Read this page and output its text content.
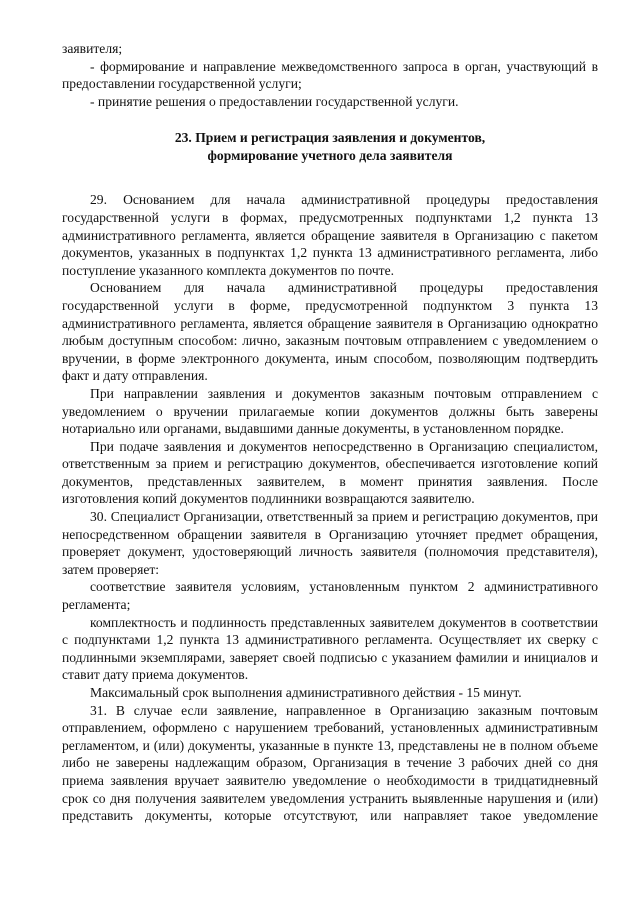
заявителя;

- формирование и направление межведомственного запроса в орган, участвующий в предоставлении государственной услуги;

- принятие решения о предоставлении государственной услуги.

23. Прием и регистрация заявления и документов,
формирование учетного дела заявителя

29. Основанием для начала административной процедуры предоставления государственной услуги в формах, предусмотренных подпунктами 1,2 пункта 13 административного регламента, является обращение заявителя в Организацию с пакетом документов, указанных в подпунктах 1,2 пункта 13 административного регламента, либо поступление указанного комплекта документов по почте.

Основанием для начала административной процедуры предоставления государственной услуги в форме, предусмотренной подпунктом 3 пункта 13 административного регламента, является обращение заявителя в Организацию однократно любым доступным способом: лично, заказным почтовым отправлением с уведомлением о вручении, в форме электронного документа, иным способом, позволяющим подтвердить факт и дату отправления.

При направлении заявления и документов заказным почтовым отправлением с уведомлением о вручении прилагаемые копии документов должны быть заверены нотариально или органами, выдавшими данные документы, в установленном порядке.

При подаче заявления и документов непосредственно в Организацию специалистом, ответственным за прием и регистрацию документов, обеспечивается изготовление копий документов, представленных заявителем, в момент принятия заявления. После изготовления копий документов подлинники возвращаются заявителю.

30. Специалист Организации, ответственный за прием и регистрацию документов, при непосредственном обращении заявителя в Организацию уточняет предмет обращения, проверяет документ, удостоверяющий личность заявителя (полномочия представителя), затем проверяет:

соответствие заявителя условиям, установленным пунктом 2 административного регламента;

комплектность и подлинность представленных заявителем документов в соответствии с подпунктами 1,2 пункта 13 административного регламента. Осуществляет их сверку с подлинными экземплярами, заверяет своей подписью с указанием фамилии и инициалов и ставит дату приема документов.

Максимальный срок выполнения административного действия - 15 минут.

31. В случае если заявление, направленное в Организацию заказным почтовым отправлением, оформлено с нарушением требований, установленных административным регламентом, и (или) документы, указанные в пункте 13, представлены не в полном объеме либо не заверены надлежащим образом, Организация в течение 3 рабочих дней со дня приема заявления вручает заявителю уведомление о необходимости в тридцатидневный срок со дня получения заявителем уведомления устранить выявленные нарушения и (или) представить документы, которые отсутствуют, или направляет такое уведомление
